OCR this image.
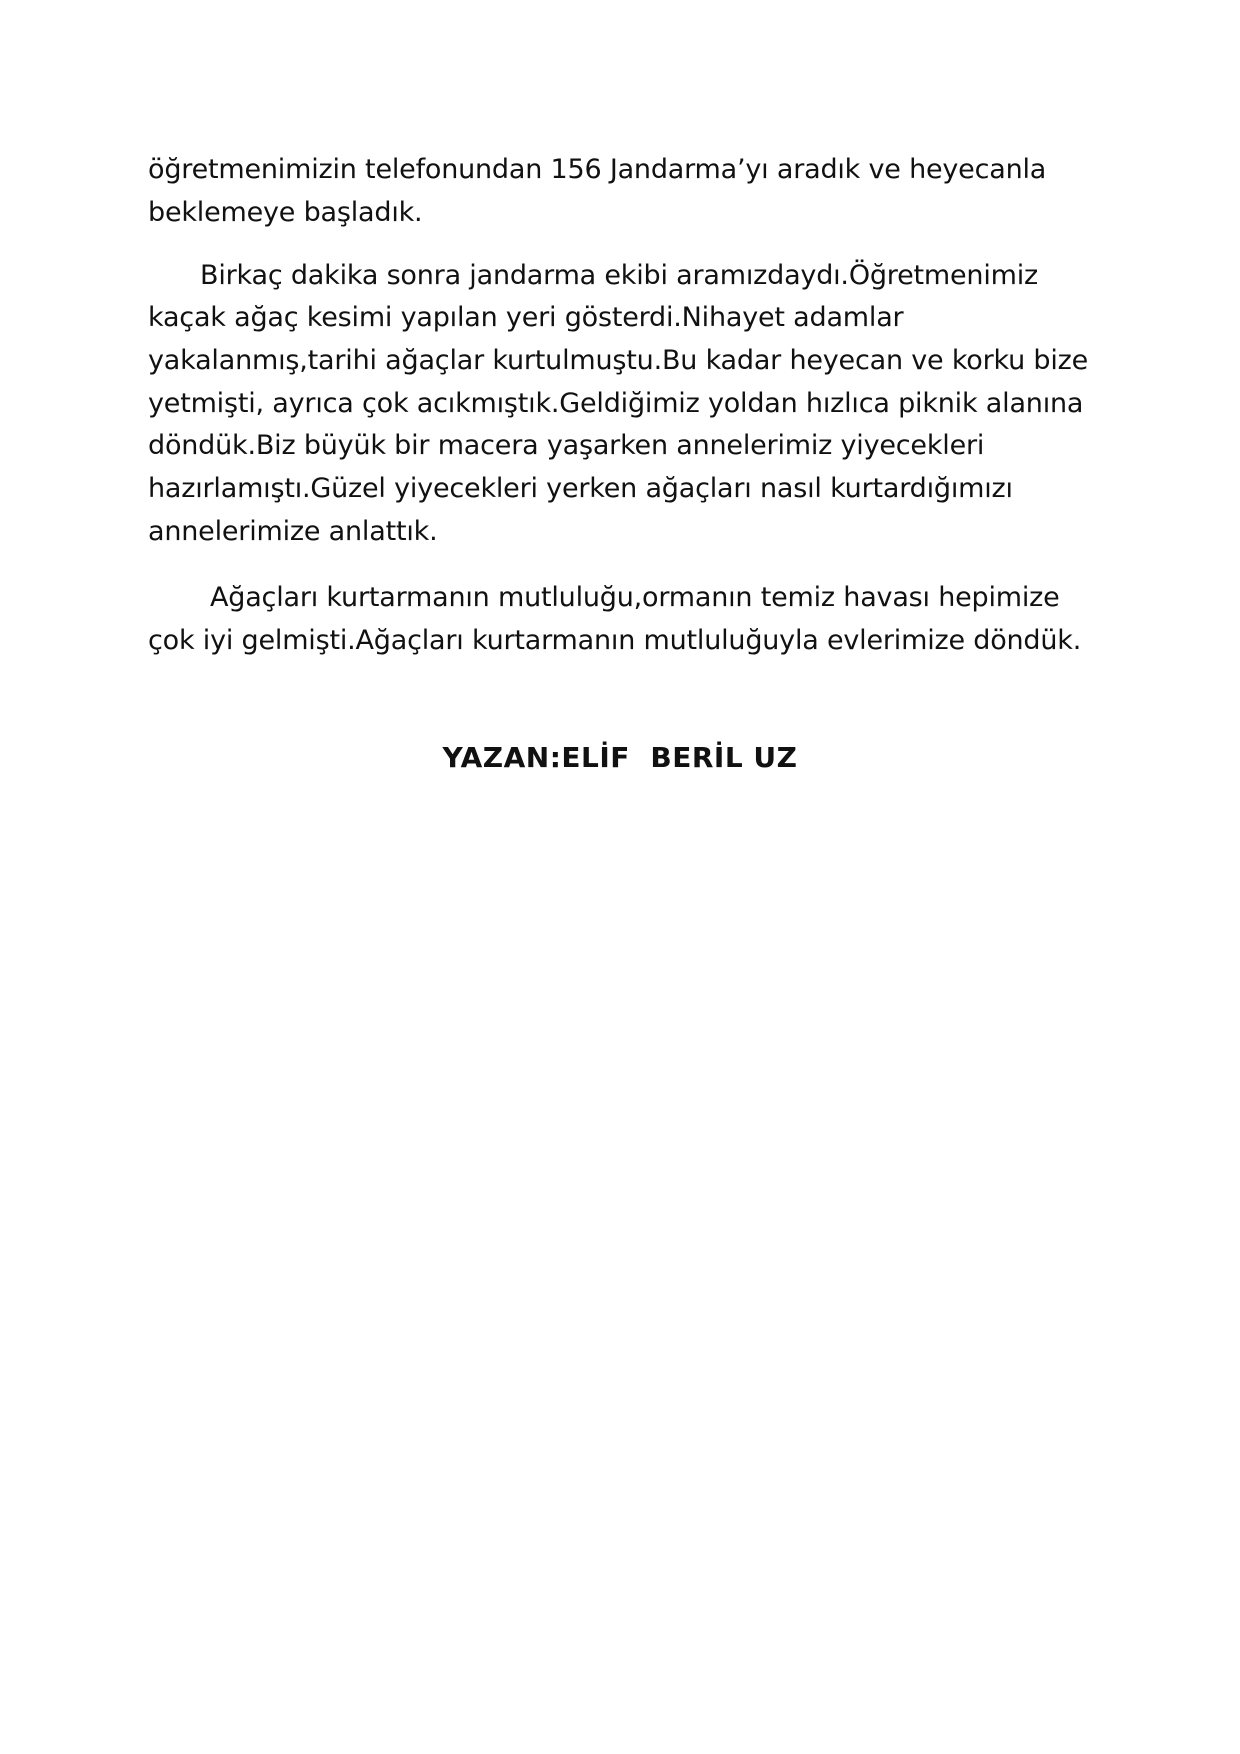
öğretmenimizin telefonundan 156 Jandarma’yı aradık ve heyecanla
beklemeye başladık.
Birkaç dakika sonra jandarma ekibi aramızdaydı.Öğretmenimiz
kaçak ağaç kesimi yapılan yeri gösterdi.Nihayet adamlar
yakalanmış,tarihi ağaçlar kurtulmuştu.Bu kadar heyecan ve korku bize
yetmişti, ayrıca çok acıkmıştık.Geldiğimiz yoldan hızlıca piknik alanına
döndük.Biz büyük bir macera yaşarken annelerimiz yiyecekleri
hazırlamıştı.Güzel yiyecekleri yerken ağaçları nasıl kurtardığımızı
annelerimize anlattık.
Ağaçları kurtarmanın mutluluğu,ormanın temiz havası hepimize
çok iyi gelmişti.Ağaçları kurtarmanın mutluluğuyla evlerimize döndük.
YAZAN:ELİF  BERİL UZ
